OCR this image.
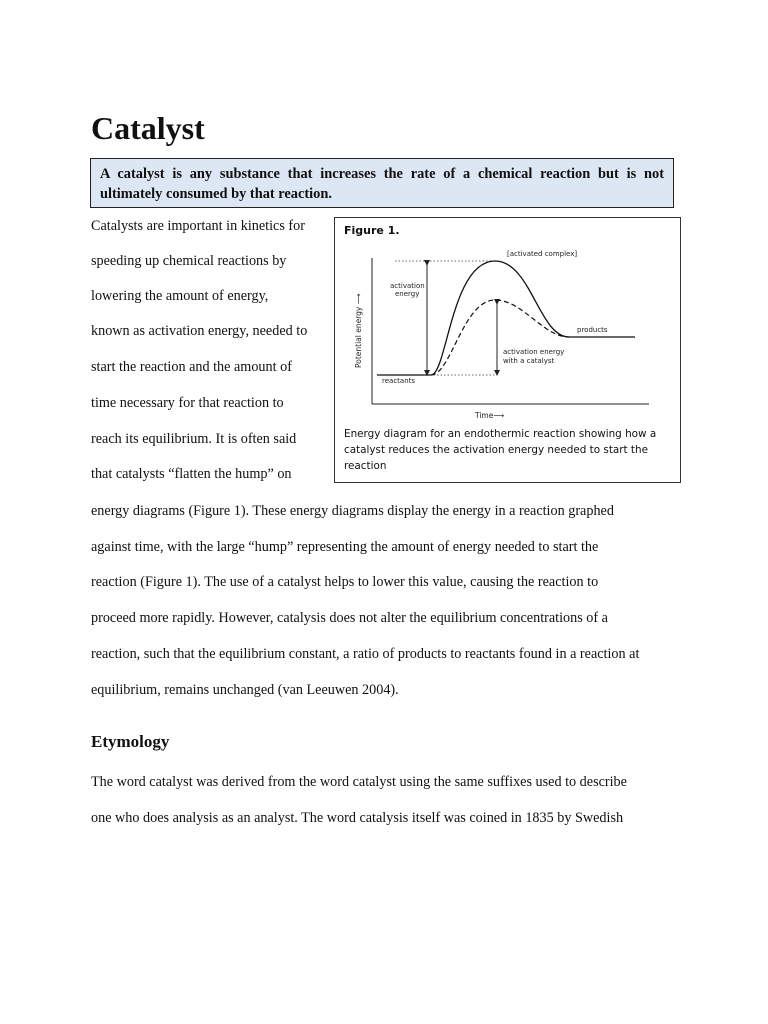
Catalyst
A catalyst is any substance that increases the rate of a chemical reaction but is not ultimately consumed by that reaction.

Catalysts are important in kinetics for

speeding up chemical reactions by

lowering the amount of energy,

known as activation energy, needed to

start the reaction and the amount of

time necessary for that reaction to

reach its equilibrium. It is often said

that catalysts “flatten the hump” on

energy diagrams (Figure 1). These energy diagrams display the energy in a reaction graphed

against time, with the large “hump” representing the amount of energy needed to start the

reaction (Figure 1). The use of a catalyst helps to lower this value, causing the reaction to

proceed more rapidly. However, catalysis does not alter the equilibrium concentrations of a

reaction, such that the equilibrium constant, a ratio of products to reactants found in a reaction at

equilibrium, remains unchanged (van Leeuwen 2004).

Etymology

The word catalyst was derived from the word catalyst using the same suffixes used to describe

one who does analysis as an analyst. The word catalysis itself was coined in 1835 by Swedish

Figure 1.
[activated complex]
activation
energy
Potential energy ⟶
Time⟶
products
reactants
activation energy
with a catalyst
Energy diagram for an endothermic reaction showing how a catalyst reduces the activation energy needed to start the reaction
